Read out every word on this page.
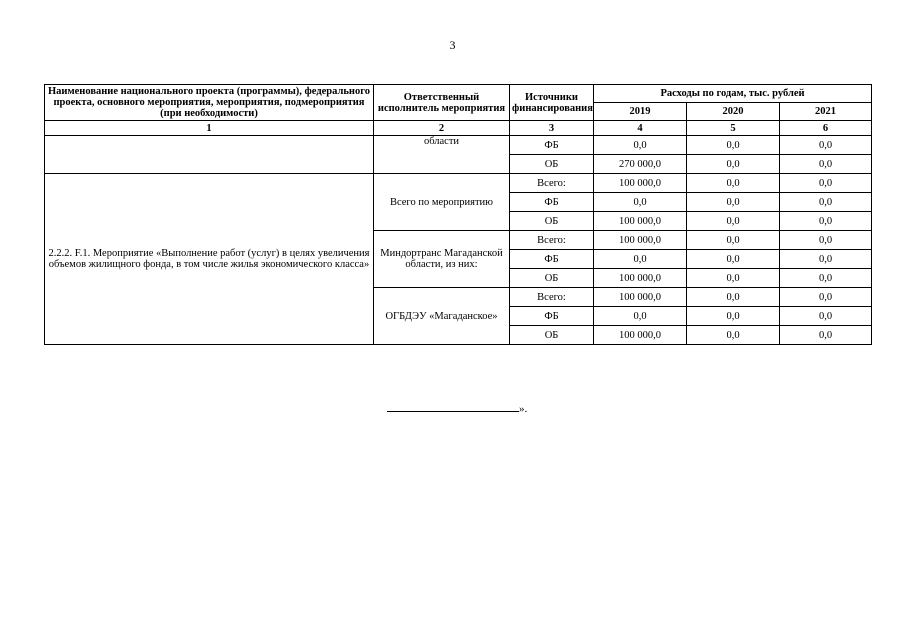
3
Наименование национального проекта (программы), федерального проекта, основного мероприятия, мероприятия, подмероприятия (при необходимости)	Ответственный исполнитель мероприятия	Источники финансирования	Расходы по годам, тыс. рублей		
			2019	2020	2021
1	2	3	4	5	6
	области	ФБ	0,0	0,0	0,0
		ОБ	270 000,0	0,0	0,0
2.2.2. F.1. Мероприятие «Выполнение работ (услуг) в целях увеличения объемов жилищного фонда, в том числе жилья экономического класса»	Всего по мероприятию	Всего:	100 000,0	0,0	0,0
		ФБ	0,0	0,0	0,0
		ОБ	100 000,0	0,0	0,0
	Миндортранс Магаданской области, из них:	Всего:	100 000,0	0,0	0,0
		ФБ	0,0	0,0	0,0
		ОБ	100 000,0	0,0	0,0
	ОГБДЭУ «Магаданское»	Всего:	100 000,0	0,0	0,0
		ФБ	0,0	0,0	0,0
		ОБ	100 000,0	0,0	0,0
».
